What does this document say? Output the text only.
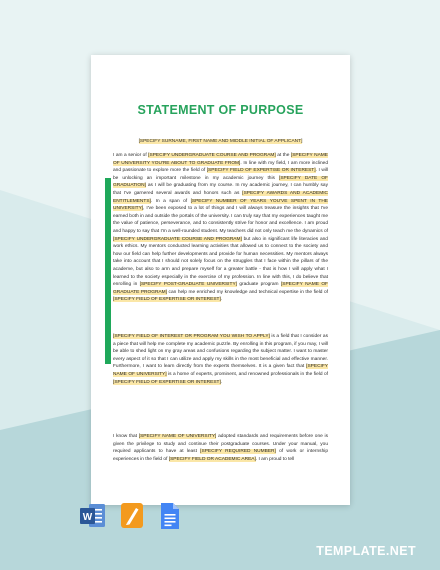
STATEMENT OF PURPOSE
[SPECIFY SURNAME, FIRST NAME AND MIDDLE INITIAL OF APPLICANT]

I am a senior of [SPECIFY UNDERGRADUATE COURSE AND PROGRAM] at the [SPECIFY NAME OF UNIVERSITY YOU'RE ABOUT TO GRADUATE FROM]. In line with my field, I am more inclined and passionate to explore more the field of [SPECIFY FIELD OF EXPERTISE OR INTEREST]. I will be unlocking an important milestone in my academic journey this [SPECIFY DATE OF GRADUATION] as I will be graduating from my course. In my academic journey, I can humbly say that I've garnered several awards and honors such as [SPECIFY AWARDS AND ACADEMIC ENTITLEMENTS]. In a span of [SPECIFY NUMBER OF YEARS YOU'VE SPENT IN THE UNIVERSITY], I've been exposed to a lot of things and I will always treasure the insights that I've earned both in and outside the portals of the university. I can truly say that my experiences taught me the value of patience, perseverance, and to consistently strive for honor and excellence. I am proud and happy to say that I'm a well-rounded student. My teachers did not only teach me the dynamics of [SPECIFY UNDERGRADUATE COURSE AND PROGRAM] but also in significant life literacies and work ethics. My mentors conducted learning activities that allowed us to connect to the society and how our field can help further developments and provide for human necessities. My mentors always take into account that I should not solely focus on the struggles that I face within the pillars of the academe, but also to arm and prepare myself for a greater battle - that is how I will apply what I learned to the society especially in the exercise of my profession. In line with this, I do believe that enrolling in [SPECIFY POST-GRADUATE UNIVERSITY] graduate program [SPECIFY NAME OF GRADUATE PROGRAM] can help me enriched my knowledge and technical expertise in the field of [SPECIFY FIELD OF EXPERTISE OR INTEREST].

[SPECIFY FIELD OF INTEREST OR PROGRAM YOU WISH TO APPLY] is a field that I consider as a piece that will help me complete my academic puzzle. By enrolling in this program, if you may, I will be able to shed light on my gray areas and confusions regarding the subject matter. I want to master every aspect of it so that I can utilize and apply my skills in the most beneficial and effective manner. Furthermore, I want to learn directly from the experts themselves. It is a given fact that [SPECIFY NAME OF UNIVERSITY] is a home of experts, prominent, and renowned professionals in the field of [SPECIFY FIELD OF EXPERTISE OR INTEREST].

I know that [SPECIFY NAME OF UNIVERSITY] adopted standards and requirements before one is given the privilege to study and continue their postgraduate courses. Under your manual, you required applicants to have at least [SPECIFY REQUIRED NUMBER] of work or internship experiences in the field of [SPECIFY FIELD OR ACADEMIC AREA]. I am proud to tell

W
TEMPLATE.NET
